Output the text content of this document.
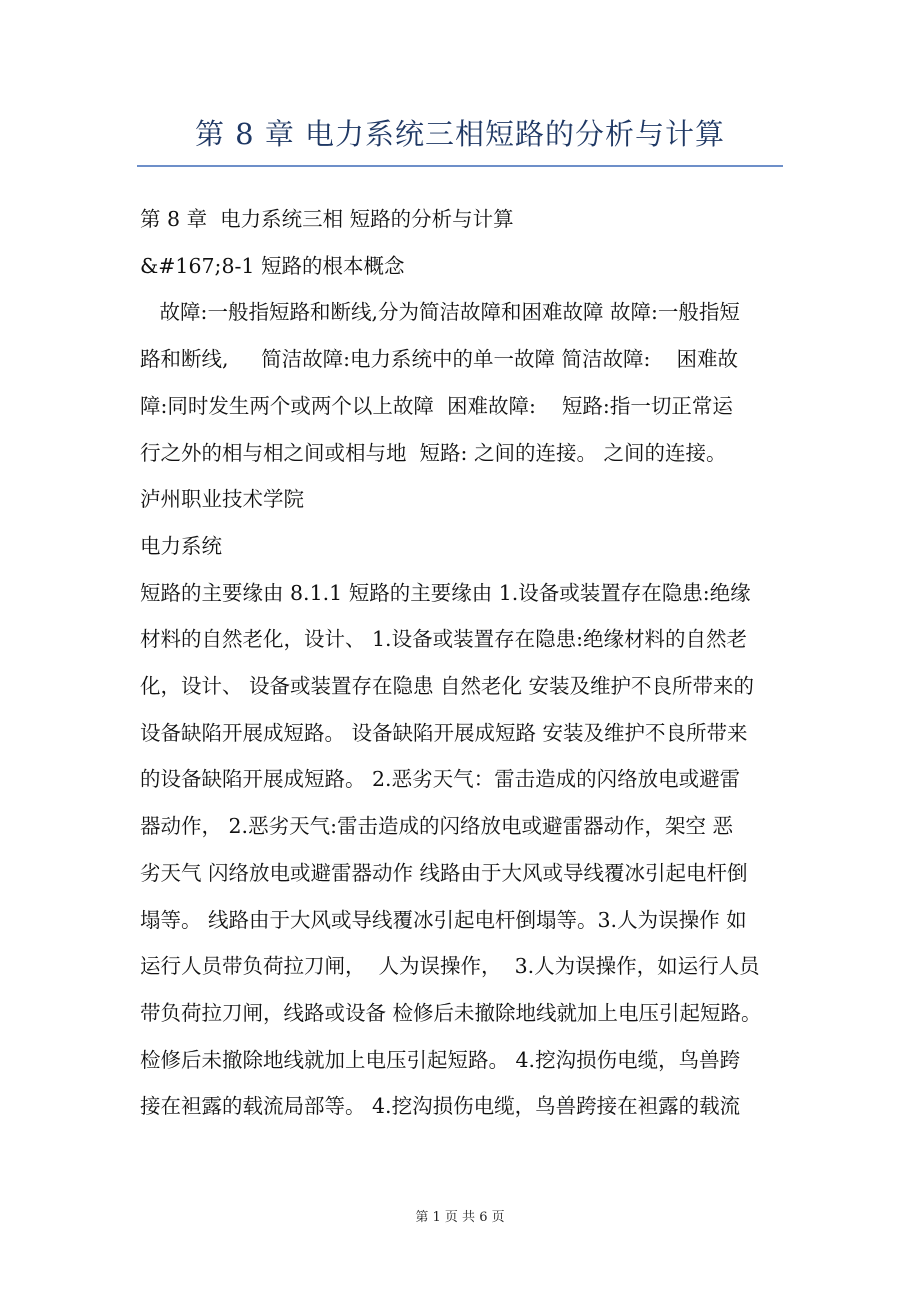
第 8 章 电力系统三相短路的分析与计算
第 8 章  电力系统三相 短路的分析与计算
&#167;8-1 短路的根本概念
故障:一般指短路和断线,分为简洁故障和困难故障 故障:一般指短
路和断线,     简洁故障:电力系统中的单一故障 简洁故障:    困难故
障:同时发生两个或两个以上故障  困难故障:    短路:指一切正常运
行之外的相与相之间或相与地  短路: 之间的连接。 之间的连接。
泸州职业技术学院
电力系统
短路的主要缘由 8.1.1 短路的主要缘由 1.设备或装置存在隐患:绝缘
材料的自然老化，设计、 1.设备或装置存在隐患:绝缘材料的自然老
化，设计、 设备或装置存在隐患 自然老化 安装及维护不良所带来的
设备缺陷开展成短路。 设备缺陷开展成短路 安装及维护不良所带来
的设备缺陷开展成短路。 2.恶劣天气：雷击造成的闪络放电或避雷
器动作， 2.恶劣天气:雷击造成的闪络放电或避雷器动作，架空 恶
劣天气 闪络放电或避雷器动作 线路由于大风或导线覆冰引起电杆倒
塌等。 线路由于大风或导线覆冰引起电杆倒塌等。3.人为误操作 如
运行人员带负荷拉刀闸，  人为误操作，  3.人为误操作，如运行人员
带负荷拉刀闸，线路或设备 检修后未撤除地线就加上电压引起短路。
检修后未撤除地线就加上电压引起短路。 4.挖沟损伤电缆，鸟兽跨
接在袒露的载流局部等。 4.挖沟损伤电缆，鸟兽跨接在袒露的载流
第 1 页 共 6 页
